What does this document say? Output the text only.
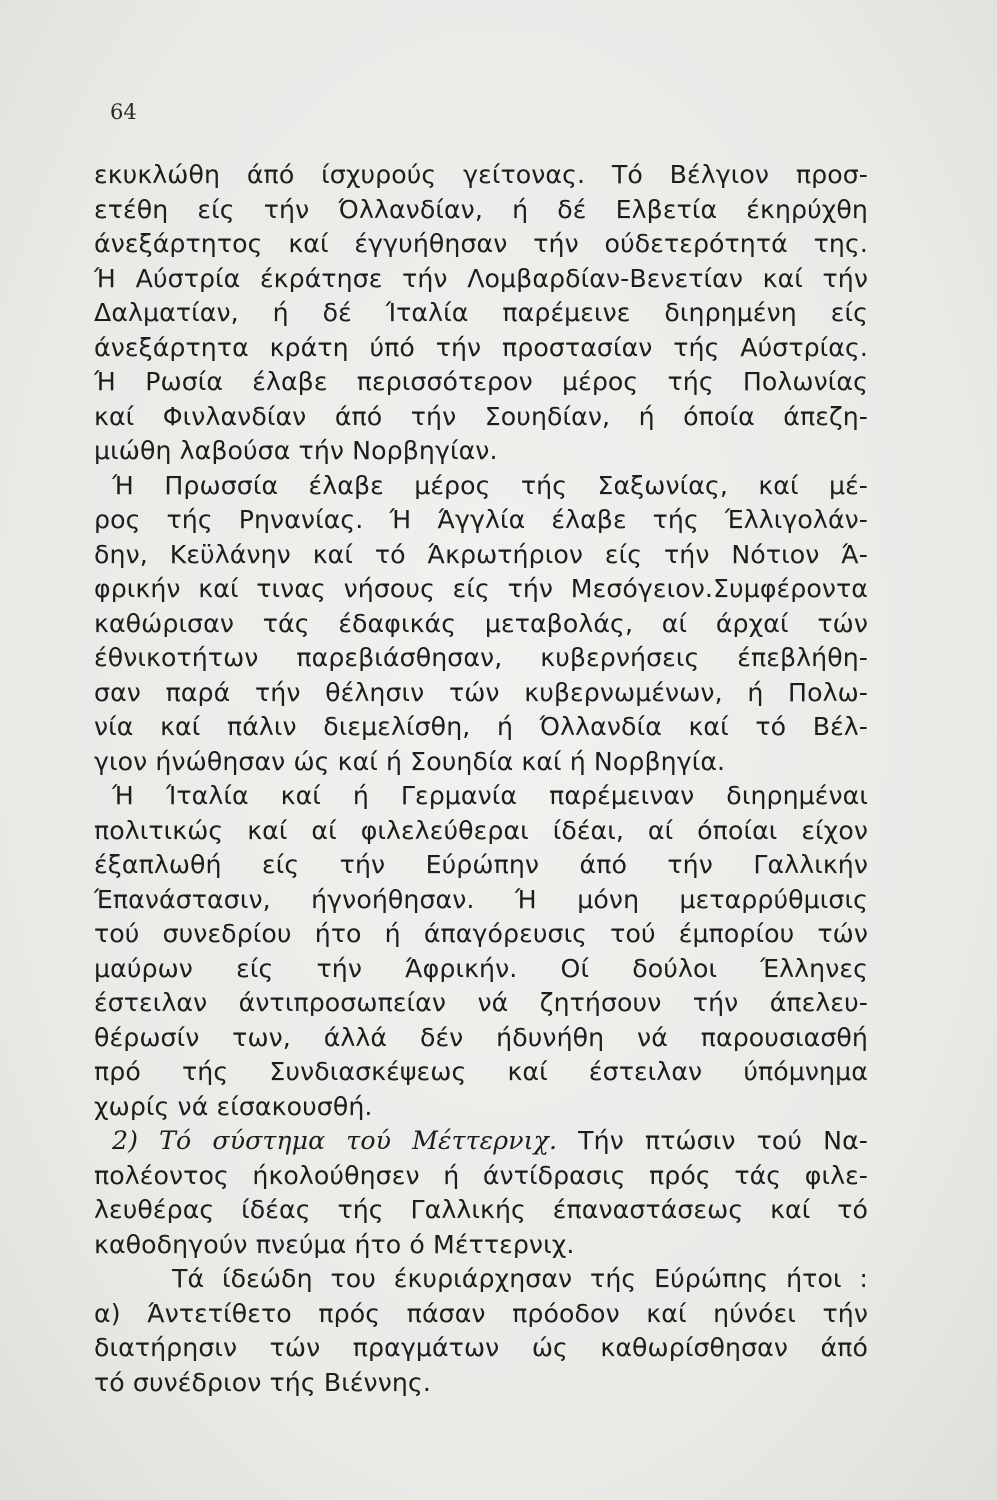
64
εκυκλώθη άπό ίσχυρούς γείτονας. Τό Βέλγιον προσ-
ετέθη είς τήν Όλλανδίαν, ή δέ Ελβετία έκηρύχθη
άνεξάρτητος καί έγγυήθησαν τήν ούδετερότητά της.
Ή Αύστρία έκράτησε τήν Λομβαρδίαν-Βενετίαν καί τήν
Δαλματίαν, ή δέ Ίταλία παρέμεινε διηρημένη είς
άνεξάρτητα κράτη ύπό τήν προστασίαν τής Αύστρίας.
Ή Ρωσία έλαβε περισσότερον μέρος τής Πολωνίας
καί Φινλανδίαν άπό τήν Σουηδίαν, ή όποία άπεζη-
μιώθη λαβούσα τήν Νορβηγίαν.
Ή Πρωσσία έλαβε μέρος τής Σαξωνίας, καί μέ-
ρος τής Ρηνανίας. Ή Άγγλία έλαβε τής Έλλιγολάν-
δην, Κεϋλάνην καί τό Άκρωτήριον είς τήν Νότιον Ά-
φρικήν καί τινας νήσους είς τήν Μεσόγειον.Συμφέροντα
καθώρισαν τάς έδαφικάς μεταβολάς, αί άρχαί τών
έθνικοτήτων παρεβιάσθησαν, κυβερνήσεις έπεβλήθη-
σαν παρά τήν θέλησιν τών κυβερνωμένων, ή Πολω-
νία καί πάλιν διεμελίσθη, ή Όλλανδία καί τό Βέλ-
γιον ήνώθησαν ώς καί ή Σουηδία καί ή Νορβηγία.
Ή Ίταλία καί ή Γερμανία παρέμειναν διηρημέναι
πολιτικώς καί αί φιλελεύθεραι ίδέαι, αί όποίαι είχον
έξαπλωθή είς τήν Εύρώπην άπό τήν Γαλλικήν
Έπανάστασιν, ήγνοήθησαν. Ή μόνη μεταρρύθμισις
τού συνεδρίου ήτο ή άπαγόρευσις τού έμπορίου τών
μαύρων είς τήν Άφρικήν. Οί δούλοι Έλληνες
έστειλαν άντιπροσωπείαν νά ζητήσουν τήν άπελευ-
θέρωσίν των, άλλά δέν ήδυνήθη νά παρουσιασθή
πρό τής Συνδιασκέψεως καί έστειλαν ύπόμνημα
χωρίς νά είσακουσθή.
2) Τό σύστημα τού Μέττερνιχ. Τήν πτώσιν τού Να-
πολέοντος ήκολούθησεν ή άντίδρασις πρός τάς φιλε-
λευθέρας ίδέας τής Γαλλικής έπαναστάσεως καί τό
καθοδηγούν πνεύμα ήτο ό Μέττερνιχ.
Τά ίδεώδη του έκυριάρχησαν τής Εύρώπης ήτοι :
α) Άντετίθετο πρός πάσαν πρόοδον καί ηύνόει τήν
διατήρησιν τών πραγμάτων ώς καθωρίσθησαν άπό
τό συνέδριον τής Βιέννης.
